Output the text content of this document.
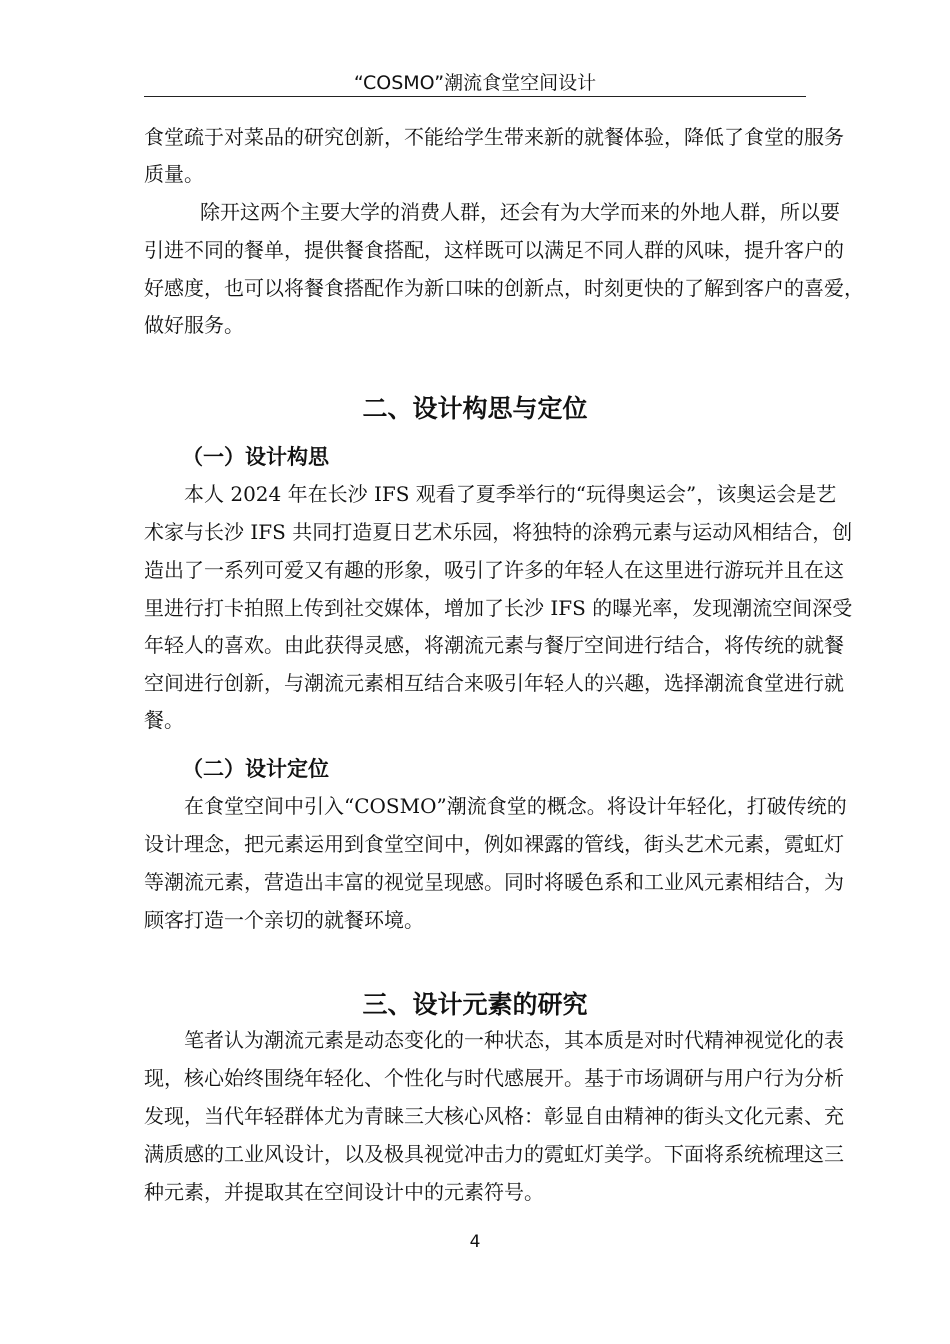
“COSMO”潮流食堂空间设计
食堂疏于对菜品的研究创新，不能给学生带来新的就餐体验，降低了食堂的服务
质量。
除开这两个主要大学的消费人群，还会有为大学而来的外地人群，所以要
引进不同的餐单，提供餐食搭配，这样既可以满足不同人群的风味，提升客户的
好感度，也可以将餐食搭配作为新口味的创新点，时刻更快的了解到客户的喜爱，
做好服务。
二、设计构思与定位
（一）设计构思
本人 2024 年在长沙 IFS 观看了夏季举行的“玩得奥运会”，该奥运会是艺
术家与长沙 IFS 共同打造夏日艺术乐园，将独特的涂鸦元素与运动风相结合，创
造出了一系列可爱又有趣的形象，吸引了许多的年轻人在这里进行游玩并且在这
里进行打卡拍照上传到社交媒体，增加了长沙 IFS 的曝光率，发现潮流空间深受
年轻人的喜欢。由此获得灵感，将潮流元素与餐厅空间进行结合，将传统的就餐
空间进行创新，与潮流元素相互结合来吸引年轻人的兴趣，选择潮流食堂进行就
餐。
（二）设计定位
在食堂空间中引入“COSMO”潮流食堂的概念。将设计年轻化，打破传统的
设计理念，把元素运用到食堂空间中，例如裸露的管线，街头艺术元素，霓虹灯
等潮流元素，营造出丰富的视觉呈现感。同时将暖色系和工业风元素相结合，为
顾客打造一个亲切的就餐环境。
三、设计元素的研究
笔者认为潮流元素是动态变化的一种状态，其本质是对时代精神视觉化的表
现，核心始终围绕年轻化、个性化与时代感展开。基于市场调研与用户行为分析
发现，当代年轻群体尤为青睐三大核心风格：彰显自由精神的街头文化元素、充
满质感的工业风设计，以及极具视觉冲击力的霓虹灯美学。下面将系统梳理这三
种元素，并提取其在空间设计中的元素符号。
4
